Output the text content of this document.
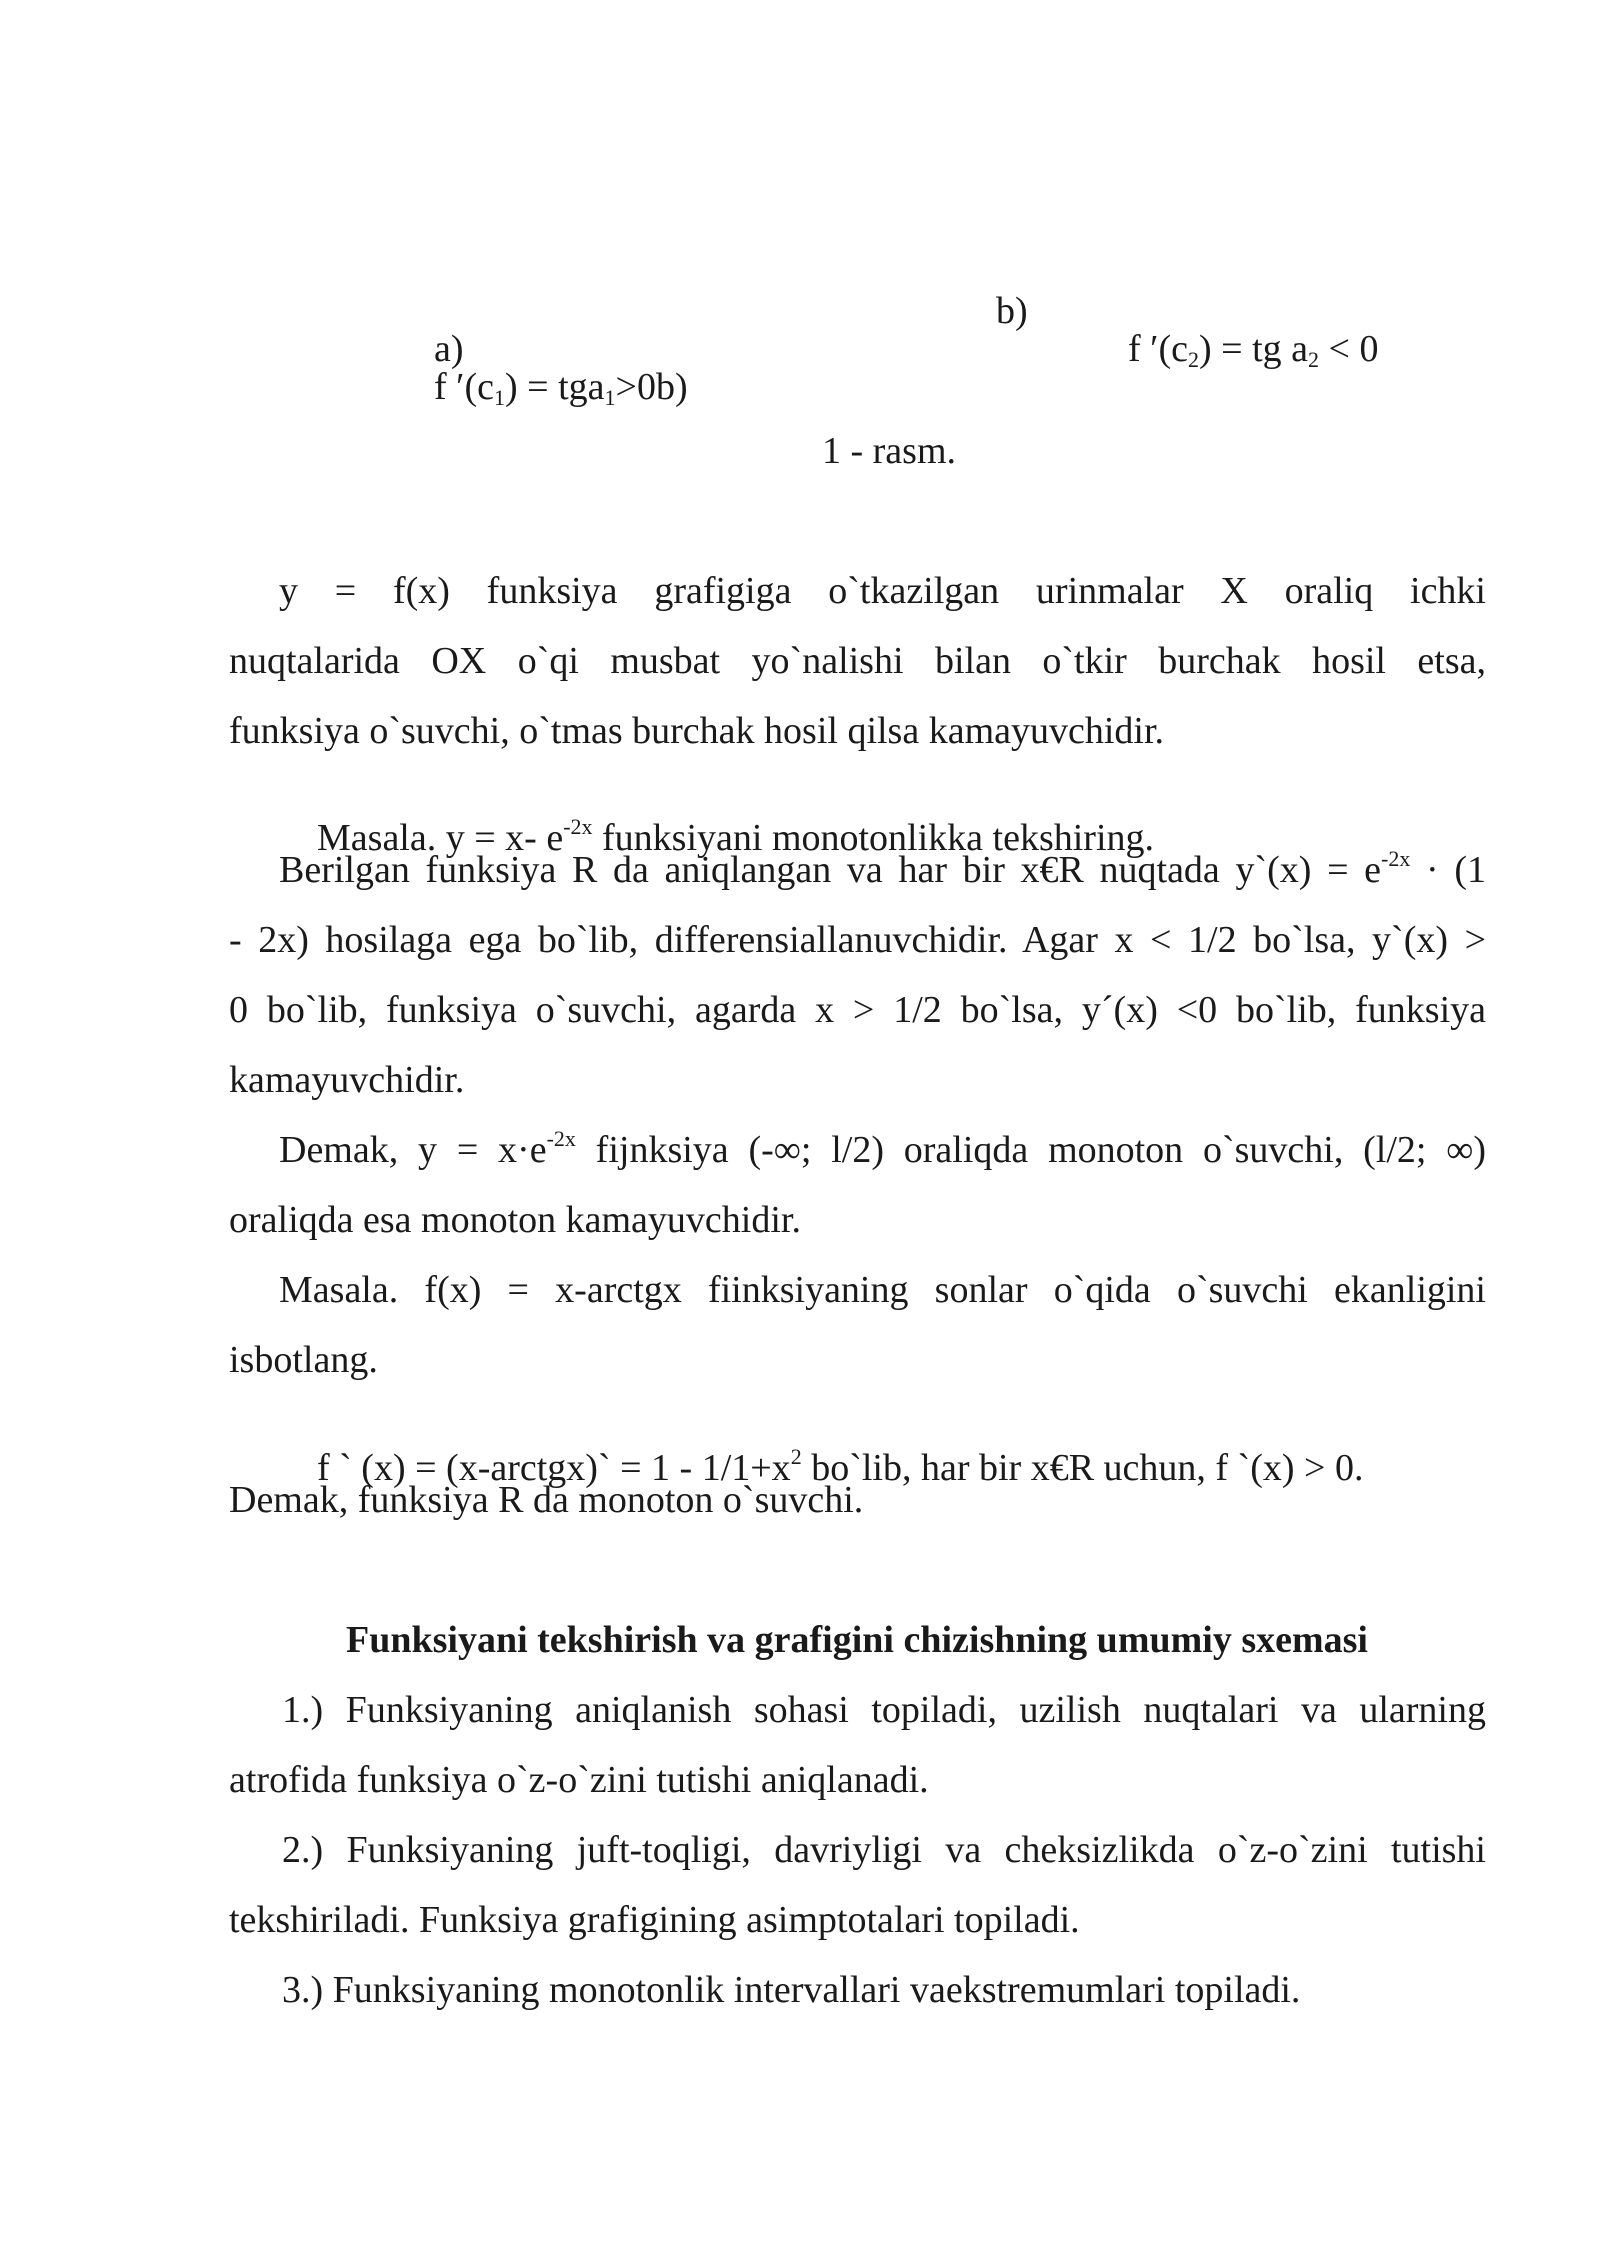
a)
f $'(c_1) = tga_1>0b$)

b)

f $'(c_2)$ = tg $a_2 < 0$

1 - rasm.
y = f(x) funksiya grafigiga o`tkazilgan urinmalar X oraliq ichki
nuqtalarida OX o`qi musbat yo`nalishi bilan o`tkir burchak hosil etsa,
funksiya o`suvchi, o`tmas burchak hosil qilsa kamayuvchidir.

Masala. y = x- $e^{-2x}$ funksiyani monotonlikka tekshiring.

Berilgan funksiya R da aniqlangan va har bir x€R nuqtada y`(x) = $e^{-2x} \cdot (1$
- 2x) hosilaga ega bo`lib, differensiallanuvchidir. Agar x < 1/2 bo`lsa, y`(x) >
0 bo`lib, funksiya o`suvchi, agarda x > 1/2 bo`lsa, y´(x) <0 bo`lib, funksiya
kamayuvchidir.
Demak, $y = x\cdot e^{-2x}$ fijnksiya (-∞; l/2) oraliqda monoton o`suvchi, (l/2; ∞)
oraliqda esa monoton kamayuvchidir.
Masala. f(x) = x-arctgx fiinksiyaning sonlar o`qida o`suvchi ekanligini
isbotlang.

f ` (x) = (x-arctgx)` = $1 - 1/1+x^2$ bo`lib, har bir x€R uchun, f `(x) > 0.

Demak, funksiya R da monoton o`suvchi.
Funksiyani tekshirish va grafigini chizishning umumiy sxemasi
1.) Funksiyaning aniqlanish sohasi topiladi, uzilish nuqtalari va ularning
atrofida funksiya o`z-o`zini tutishi aniqlanadi.
2.) Funksiyaning juft-toqligi, davriyligi va cheksizlikda o`z-o`zini tutishi
tekshiriladi. Funksiya grafigining asimptotalari topiladi.
3.) Funksiyaning monotonlik intervallari vaekstremumlari topiladi.
